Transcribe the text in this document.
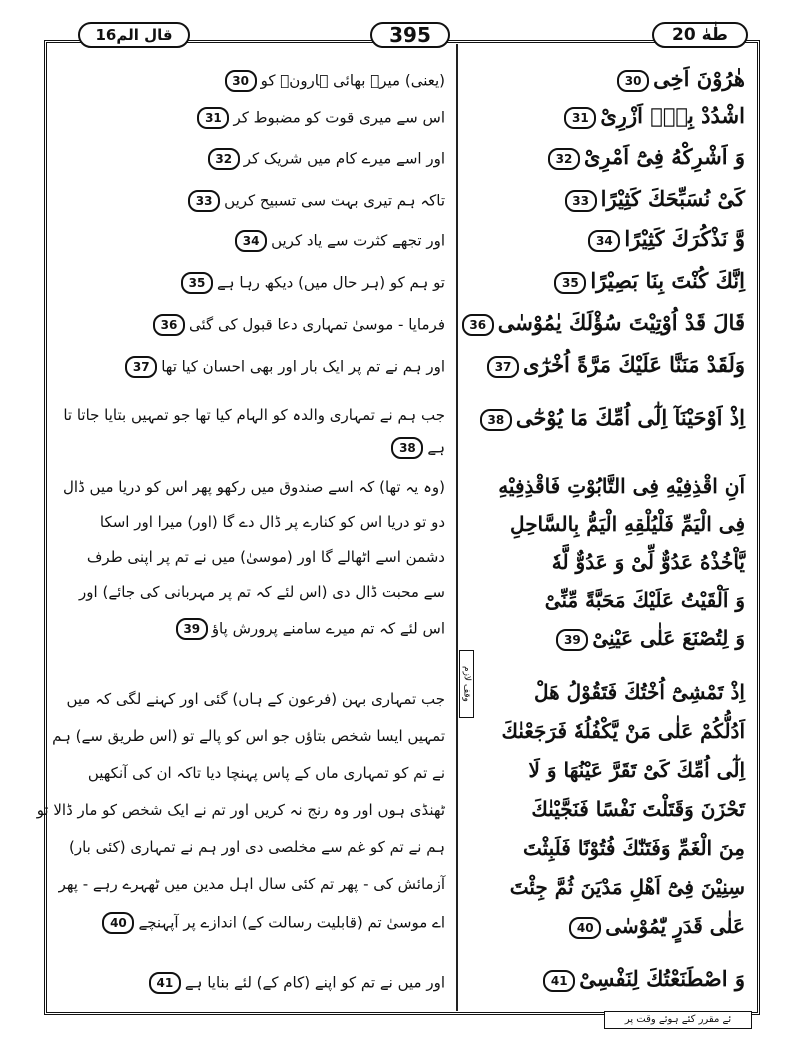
قال الم16	395	طٰهٰ 20
هٰرُوْنَ اَخِى30
(یعنی) میرے بھائی ہارونؑ کو30
اشْدُدْ بِهٖٓ اَزْرِىْ31
اس سے میری قوت کو مضبوط کر31
وَ اَشْرِكْهُ فِىْٓ اَمْرِىْ32
اور اسے میرے کام میں شریک کر32
كَىْ نُسَبِّحَكَ كَثِيْرًا33
تاکہ ہم تیری بہت سی تسبیح کریں33
وَّ نَذْكُرَكَ كَثِيْرًا34
اور تجھے کثرت سے یاد کریں34
اِنَّكَ كُنْتَ بِنَا بَصِيْرًا35
تو ہم کو (ہر حال میں) دیکھ رہا ہے35
قَالَ قَدْ اُوْتِيْتَ سُؤْلَكَ يٰمُوْسٰى36
فرمایا - موسیٰ تمہاری دعا قبول کی گئی36
وَلَقَدْ مَنَنَّا عَلَيْكَ مَرَّةً اُخْرٰٓى37
اور ہم نے تم پر ایک بار اور بھی احسان کیا تھا37
اِذْ اَوْحَيْنَآ اِلٰٓى اُمِّكَ مَا يُوْحٰٓى38
جب ہم نے تمہاری والدہ کو الہام کیا تھا جو تمہیں بتایا جاتا تا
ہے38
اَنِ اقْذِفِيْهِ فِى التَّابُوْتِ فَاقْذِفِيْهِ
فِى الْيَمِّ فَلْيُلْقِهِ الْيَمُّ بِالسَّاحِلِ
يَّاْخُذْهُ عَدُوٌّ لِّىْ وَ عَدُوٌّ لَّهٗ
وَ اَلْقَيْتُ عَلَيْكَ مَحَبَّةً مِّنِّىْ
وَ لِتُصْنَعَ عَلٰى عَيْنِىْ39
(وہ یہ تھا) کہ اسے صندوق میں رکھو پھر اس کو دریا میں ڈال
دو تو دریا اس کو کنارے پر ڈال دے گا (اور) میرا اور اسکا
دشمن اسے اٹھالے گا اور (موسیٰ) میں نے تم پر اپنی طرف
سے محبت ڈال دی (اس لئے کہ تم پر مہربانی کی جائے) اور
اس لئے کہ تم میرے سامنے پرورش پاؤ39
وقف لازم	اِذْ تَمْشِىْٓ اُخْتُكَ فَتَقُوْلُ هَلْ
اَدُلُّكُمْ عَلٰى مَنْ يَّكْفُلُهٗ فَرَجَعْنٰكَ
اِلٰٓى اُمِّكَ كَىْ تَقَرَّ عَيْنُهَا وَ لَا
تَحْزَنَ وَقَتَلْتَ نَفْسًا فَنَجَّيْنٰكَ
مِنَ الْغَمِّ وَفَتَنّٰكَ فُتُوْنًا فَلَبِثْتَ
سِنِيْنَ فِىْٓ اَهْلِ مَدْيَنَ ثُمَّ جِئْتَ
عَلٰى قَدَرٍ يّٰمُوْسٰى40
جب تمہاری بہن (فرعون کے ہاں) گئی اور کہنے لگی کہ میں
تمہیں ایسا شخص بتاؤں جو اس کو پالے تو (اس طریق سے) ہم
نے تم کو تمہاری ماں کے پاس پہنچا دیا تاکہ ان کی آنکھیں
ٹھنڈی ہوں اور وہ رنج نہ کریں اور تم نے ایک شخص کو مار ڈالا تو
ہم نے تم کو غم سے مخلصی دی اور ہم نے تمہاری (کئی بار)
آزمائش کی - پھر تم کئی سال اہل مدین میں ٹھہرے رہے - پھر
اے موسیٰ تم (قابلیت رسالت کے) اندازے پر آپہنچے40
وَ اصْطَنَعْتُكَ لِنَفْسِىْ41
اور میں نے تم کو اپنے (کام کے) لئے بنایا ہے41
ئے مقرر کئے ہوئے وقت پر
